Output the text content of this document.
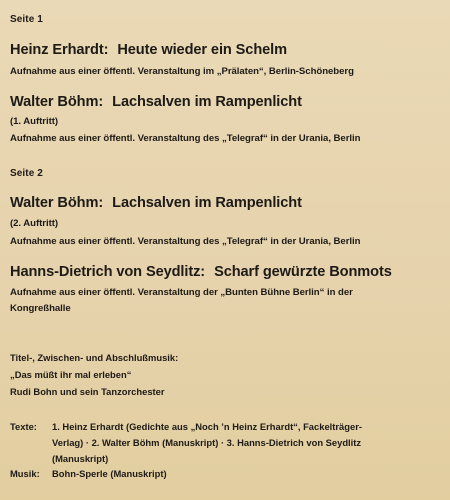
Seite 1
Heinz Erhardt: Heute wieder ein Schelm
Aufnahme aus einer öffentl. Veranstaltung im „Prälaten“, Berlin-Schöneberg
Walter Böhm: Lachsalven im Rampenlicht
(1. Auftritt)
Aufnahme aus einer öffentl. Veranstaltung des „Telegraf“ in der Urania, Berlin
Seite 2
Walter Böhm: Lachsalven im Rampenlicht
(2. Auftritt)
Aufnahme aus einer öffentl. Veranstaltung des „Telegraf“ in der Urania, Berlin
Hanns-Dietrich von Seydlitz: Scharf gewürzte Bonmots
Aufnahme aus einer öffentl. Veranstaltung der „Bunten Bühne Berlin“ in der
Kongreßhalle
Titel-, Zwischen- und Abschlußmusik:
„Das müßt ihr mal erleben“
Rudi Bohn und sein Tanzorchester
Texte: 1. Heinz Erhardt (Gedichte aus „Noch ’n Heinz Erhardt“, Fackelträger-
Verlag) · 2. Walter Böhm (Manuskript) · 3. Hanns-Dietrich von Seydlitz
(Manuskript)
Musik: Bohn-Sperle (Manuskript)
